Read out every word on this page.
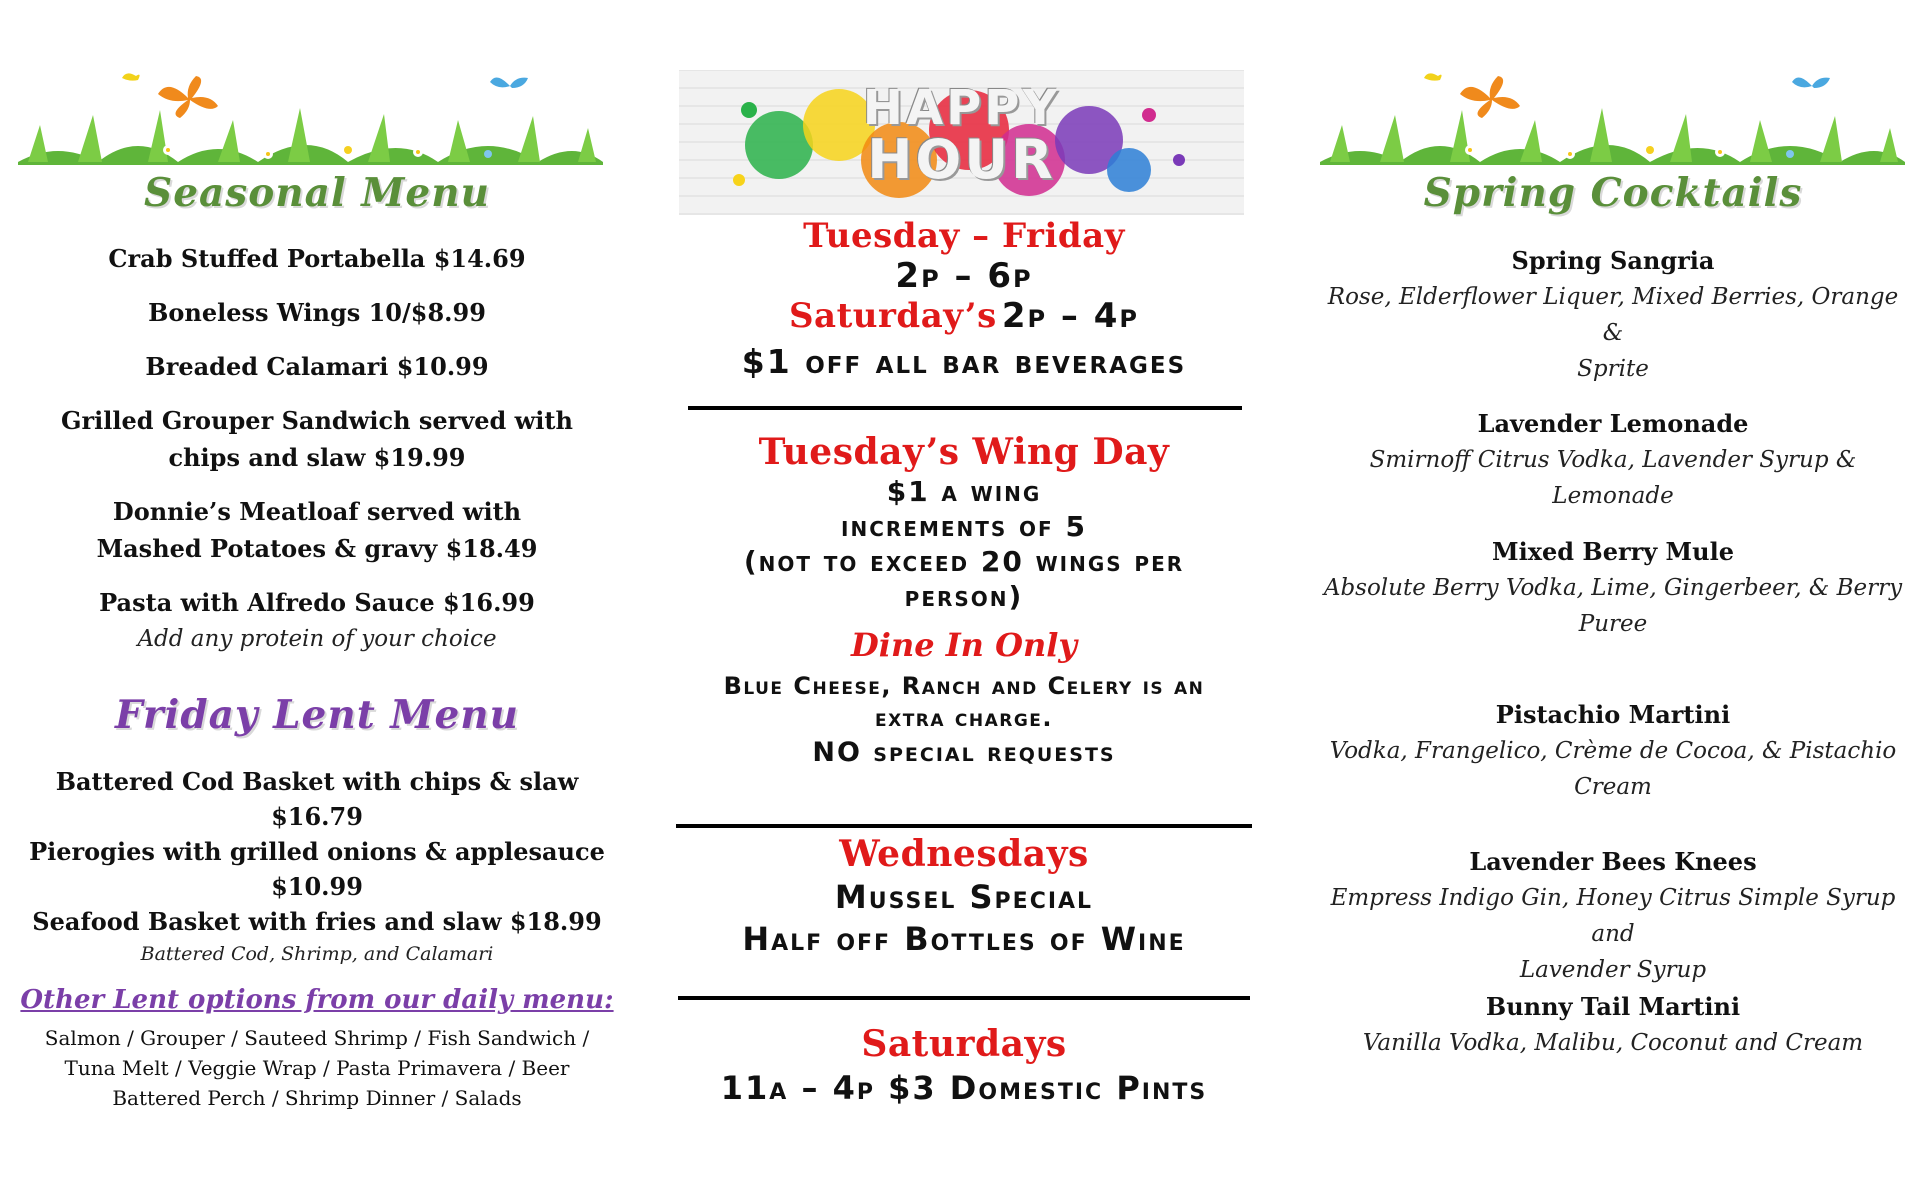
Seasonal Menu
Crab Stuffed Portabella $14.69
Boneless Wings 10/$8.99
Breaded Calamari $10.99
Grilled Grouper Sandwich served with
chips and slaw $19.99
Donnie’s Meatloaf served with
Mashed Potatoes & gravy $18.49
Pasta with Alfredo Sauce $16.99
Add any protein of your choice
Friday Lent Menu
Battered Cod Basket with chips & slaw
$16.79
Pierogies with grilled onions & applesauce
$10.99
Seafood Basket with fries and slaw $18.99
Battered Cod, Shrimp, and Calamari
Other Lent options from our daily menu:
Salmon / Grouper / Sauteed Shrimp / Fish Sandwich /
Tuna Melt / Veggie Wrap / Pasta Primavera / Beer
Battered Perch / Shrimp Dinner / Salads
HAPPY
HOUR
Tuesday – Friday
2p – 6p
Saturday’s 2p – 4p
$1 off all bar beverages
Tuesday’s Wing Day
$1 a wing
increments of 5
(not to exceed 20 wings per
person)
Dine In Only
Blue Cheese, Ranch and Celery is an
extra charge.
NO special requests
Wednesdays
Mussel Special
Half off Bottles of Wine
Saturdays
11a – 4p $3 Domestic Pints
Spring Cocktails
Spring Sangria
Rose, Elderflower Liquer, Mixed Berries, Orange &
Sprite
Lavender Lemonade
Smirnoff Citrus Vodka, Lavender Syrup & Lemonade
Mixed Berry Mule
Absolute Berry Vodka, Lime, Gingerbeer, & Berry
Puree
Pistachio Martini
Vodka, Frangelico, Crème de Cocoa, & Pistachio
Cream
Lavender Bees Knees
Empress Indigo Gin, Honey Citrus Simple Syrup and
Lavender Syrup
Bunny Tail Martini
Vanilla Vodka, Malibu, Coconut and Cream
